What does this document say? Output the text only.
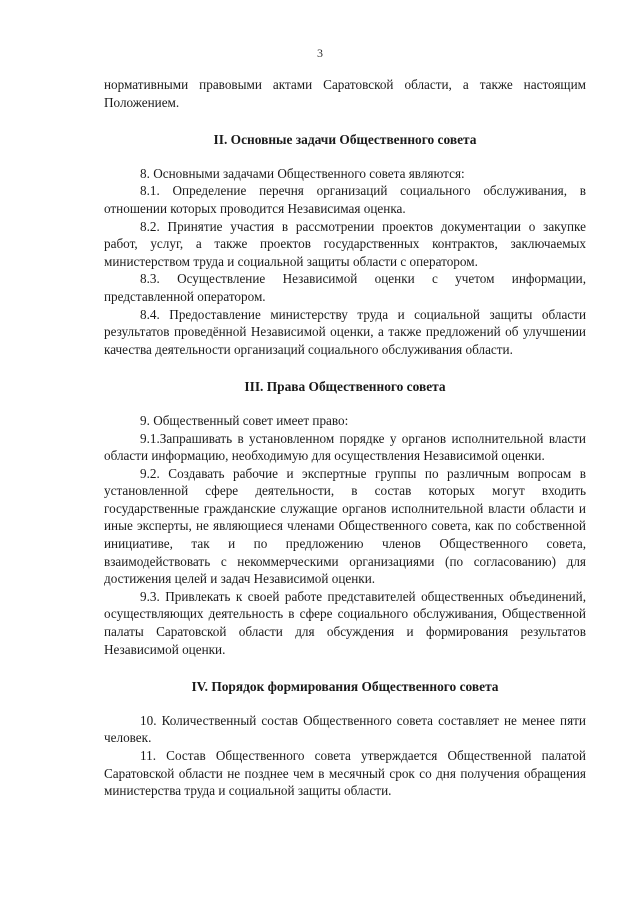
3

нормативными правовыми актами Саратовской области, а также настоящим Положением.

II. Основные задачи Общественного совета

8. Основными задачами Общественного совета являются:

8.1. Определение перечня организаций социального обслуживания, в отношении которых проводится Независимая оценка.

8.2. Принятие участия в рассмотрении проектов документации о закупке работ, услуг, а также проектов государственных контрактов, заключаемых министерством труда и социальной защиты области с оператором.

8.3. Осуществление Независимой оценки с учетом информации, представленной оператором.

8.4. Предоставление министерству труда и социальной защиты области результатов проведённой Независимой оценки, а также предложений об улучшении качества деятельности организаций социального обслуживания области.

III. Права Общественного совета

9. Общественный совет имеет право:

9.1.Запрашивать в установленном порядке у органов исполнительной власти области информацию, необходимую для осуществления Независимой оценки.

9.2. Создавать рабочие и экспертные группы по различным вопросам в установленной сфере деятельности, в состав которых могут входить государственные гражданские служащие органов исполнительной власти области и иные эксперты, не являющиеся членами Общественного совета, как по собственной инициативе, так и по предложению членов Общественного совета, взаимодействовать с некоммерческими организациями (по согласованию) для достижения целей и задач Независимой оценки.

9.3. Привлекать к своей работе представителей общественных объединений, осуществляющих деятельность в сфере социального обслуживания, Общественной палаты Саратовской области для обсуждения и формирования результатов Независимой оценки.

IV. Порядок формирования Общественного совета

10. Количественный состав Общественного совета составляет не менее пяти человек.

11. Состав Общественного совета утверждается Общественной палатой Саратовской области не позднее чем в месячный срок со дня получения обращения министерства труда и социальной защиты области.
